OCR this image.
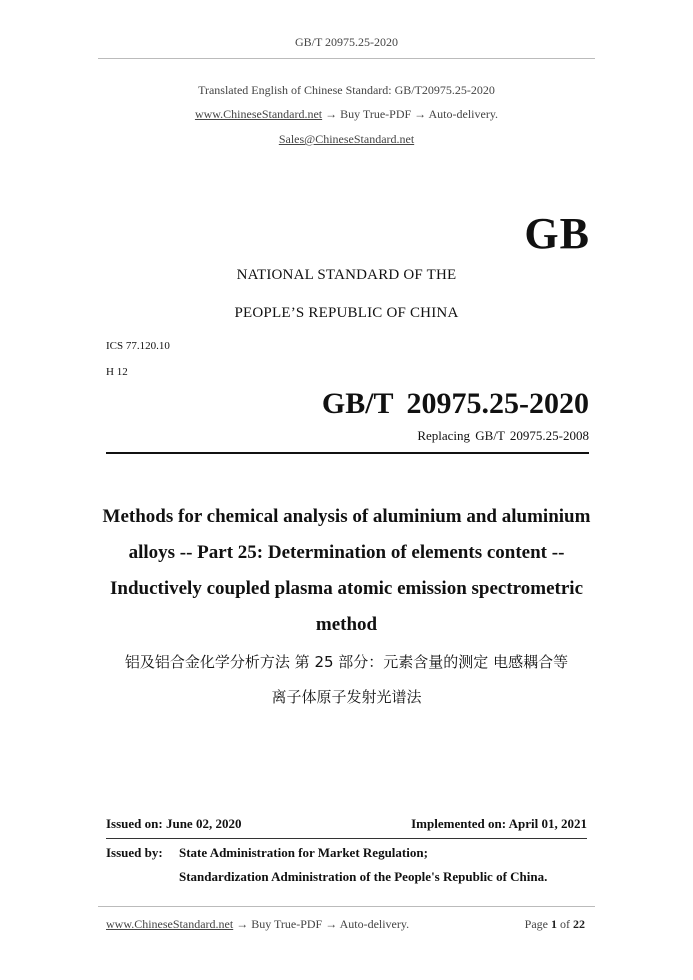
GB/T 20975.25-2020
Translated English of Chinese Standard: GB/T20975.25-2020
www.ChineseStandard.net → Buy True-PDF → Auto-delivery.
Sales@ChineseStandard.net
GB
NATIONAL STANDARD OF THE
PEOPLE’S REPUBLIC OF CHINA
ICS 77.120.10
H 12
GB/T 20975.25-2020
Replacing GB/T 20975.25-2008
Methods for chemical analysis of aluminium and aluminium
alloys -- Part 25: Determination of elements content --
Inductively coupled plasma atomic emission spectrometric
method
铝及铝合金化学分析方法 第 25 部分：元素含量的测定 电感耦合等
离子体原子发射光谱法
Issued on: June 02, 2020	Implemented on: April 01, 2021
Issued by: State Administration for Market Regulation;
Standardization Administration of the People's Republic of China.
www.ChineseStandard.net → Buy True-PDF → Auto-delivery.	Page 1 of 22
